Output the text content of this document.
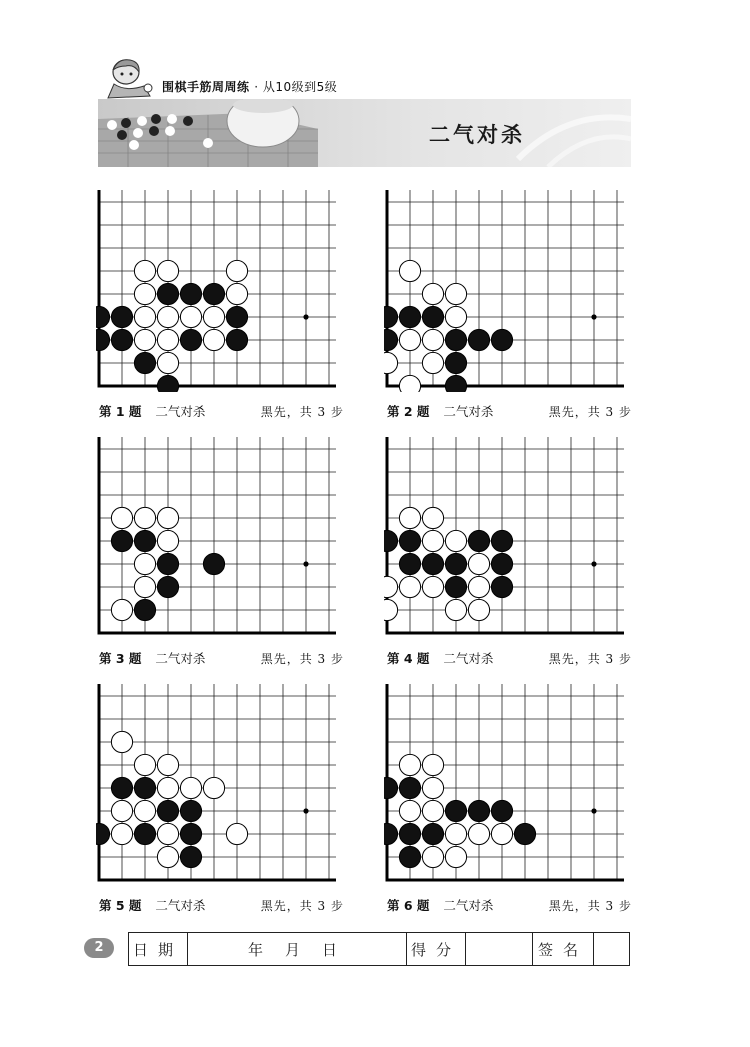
围棋手筋周周练 · 从10级到5级
二气对杀
第 1 题 二气对杀	黑先，共 3 步	第 2 题 二气对杀	黑先，共 3 步
第 3 题 二气对杀	黑先，共 3 步	第 4 题 二气对杀	黑先，共 3 步
第 5 题 二气对杀	黑先，共 3 步	第 6 题 二气对杀	黑先，共 3 步
2	日期	年 月 日	得分		签名	
